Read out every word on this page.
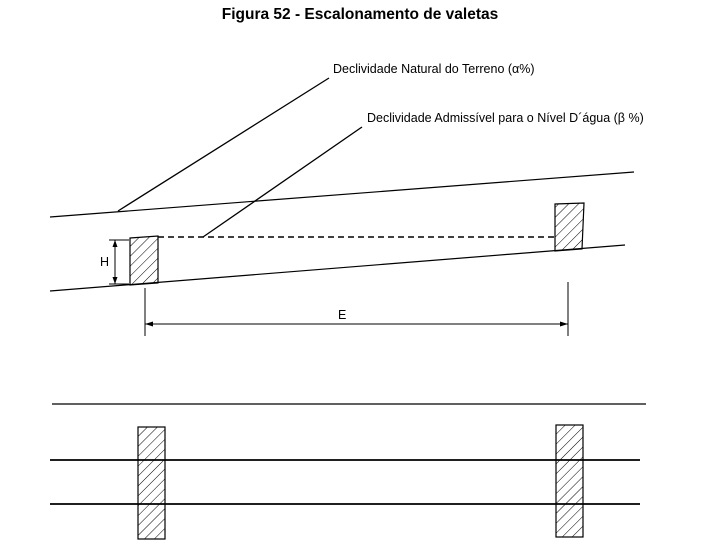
Figura 52 - Escalonamento de valetas
H
E
Declividade Natural do Terreno (α%)
Declividade Admissível para o Nível D´água (β %)
